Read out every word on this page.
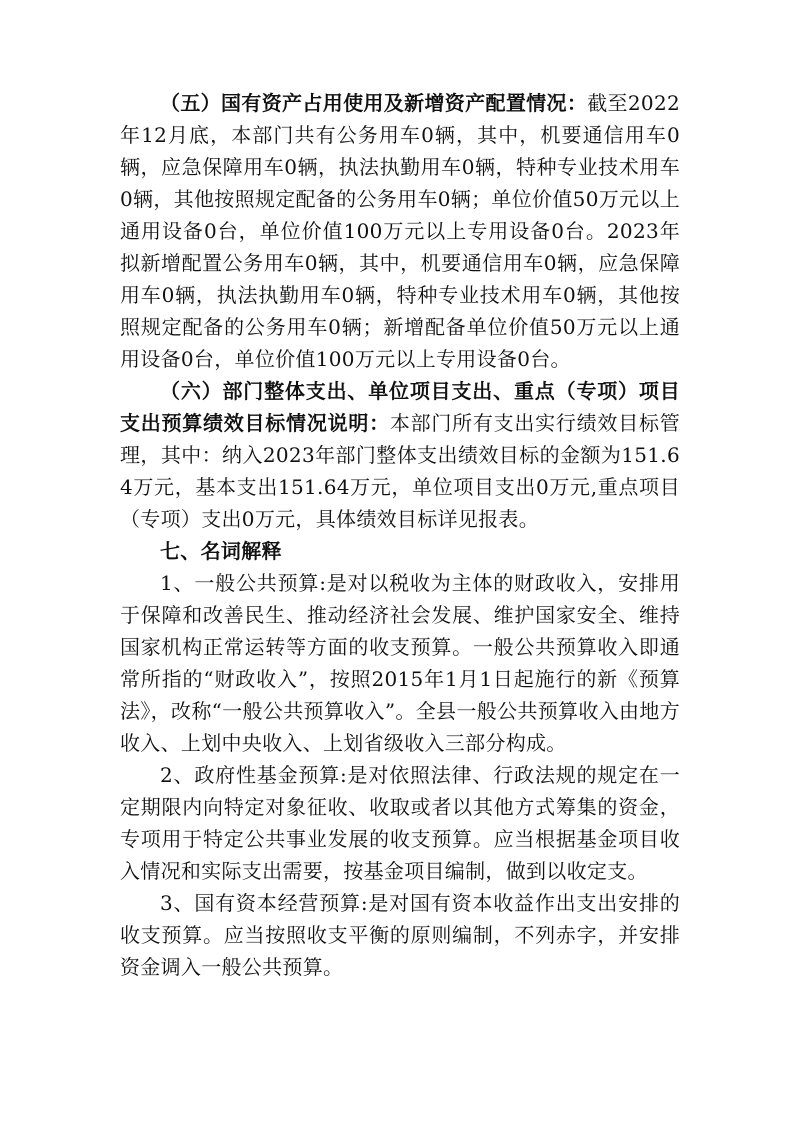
（五）国有资产占用使用及新增资产配置情况：截至2022年12月底，本部门共有公务用车0辆，其中，机要通信用车0辆，应急保障用车0辆，执法执勤用车0辆，特种专业技术用车0辆，其他按照规定配备的公务用车0辆；单位价值50万元以上通用设备0台，单位价值100万元以上专用设备0台。2023年拟新增配置公务用车0辆，其中，机要通信用车0辆，应急保障用车0辆，执法执勤用车0辆，特种专业技术用车0辆，其他按照规定配备的公务用车0辆；新增配备单位价值50万元以上通用设备0台，单位价值100万元以上专用设备0台。

（六）部门整体支出、单位项目支出、重点（专项）项目支出预算绩效目标情况说明：本部门所有支出实行绩效目标管理，其中：纳入2023年部门整体支出绩效目标的金额为151.64万元，基本支出151.64万元，单位项目支出0万元,重点项目（专项）支出0万元，具体绩效目标详见报表。

七、名词解释

1、一般公共预算:是对以税收为主体的财政收入，安排用于保障和改善民生、推动经济社会发展、维护国家安全、维持国家机构正常运转等方面的收支预算。一般公共预算收入即通常所指的“财政收入”，按照2015年1月1日起施行的新《预算法》，改称“一般公共预算收入”。全县一般公共预算收入由地方收入、上划中央收入、上划省级收入三部分构成。

2、政府性基金预算:是对依照法律、行政法规的规定在一定期限内向特定对象征收、收取或者以其他方式筹集的资金，专项用于特定公共事业发展的收支预算。应当根据基金项目收入情况和实际支出需要，按基金项目编制，做到以收定支。

3、国有资本经营预算:是对国有资本收益作出支出安排的收支预算。应当按照收支平衡的原则编制，不列赤字，并安排资金调入一般公共预算。
